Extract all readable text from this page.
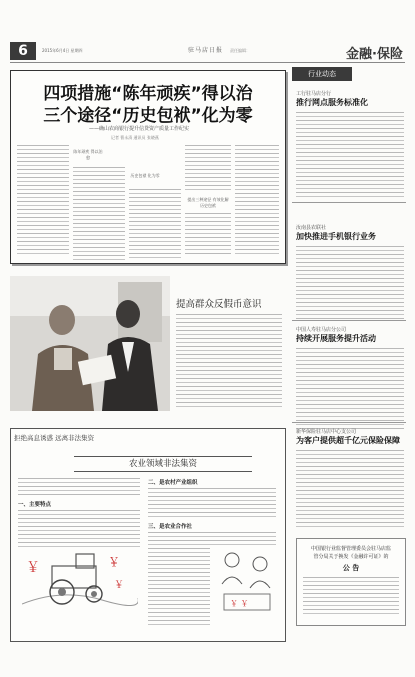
6	2015年6月4日 星期四	驻马店日报 责任编辑：	金融·保险
四项措施“陈年顽疾”得以治
三个途径“历史包袱”化为零
——确山农商银行提升信贷资产质量工作纪实
记者 曹永清 通讯员 张晓燕
陈年顽疾 得以治愈
历史包袱 化为零
提出三种途径 有效化解历史包袱
提高群众反假币意识
行业动态
工行驻马店分行
推行网点服务标准化
汝南县农联社
加快推进手机银行业务
中国人寿驻马店分公司
持续开展服务提升活动
新华保险驻马店中心支公司
为客户提供超千亿元保险保障
拒绝高息诱惑 远离非法集资
农业领域非法集资
一、主要特点
￥	￥
￥
二、是农村产业组织
三、是农业合作社
￥ ￥
中国银行业监督管理委员会驻马店监
管分局关于换发《金融许可证》的
公 告
